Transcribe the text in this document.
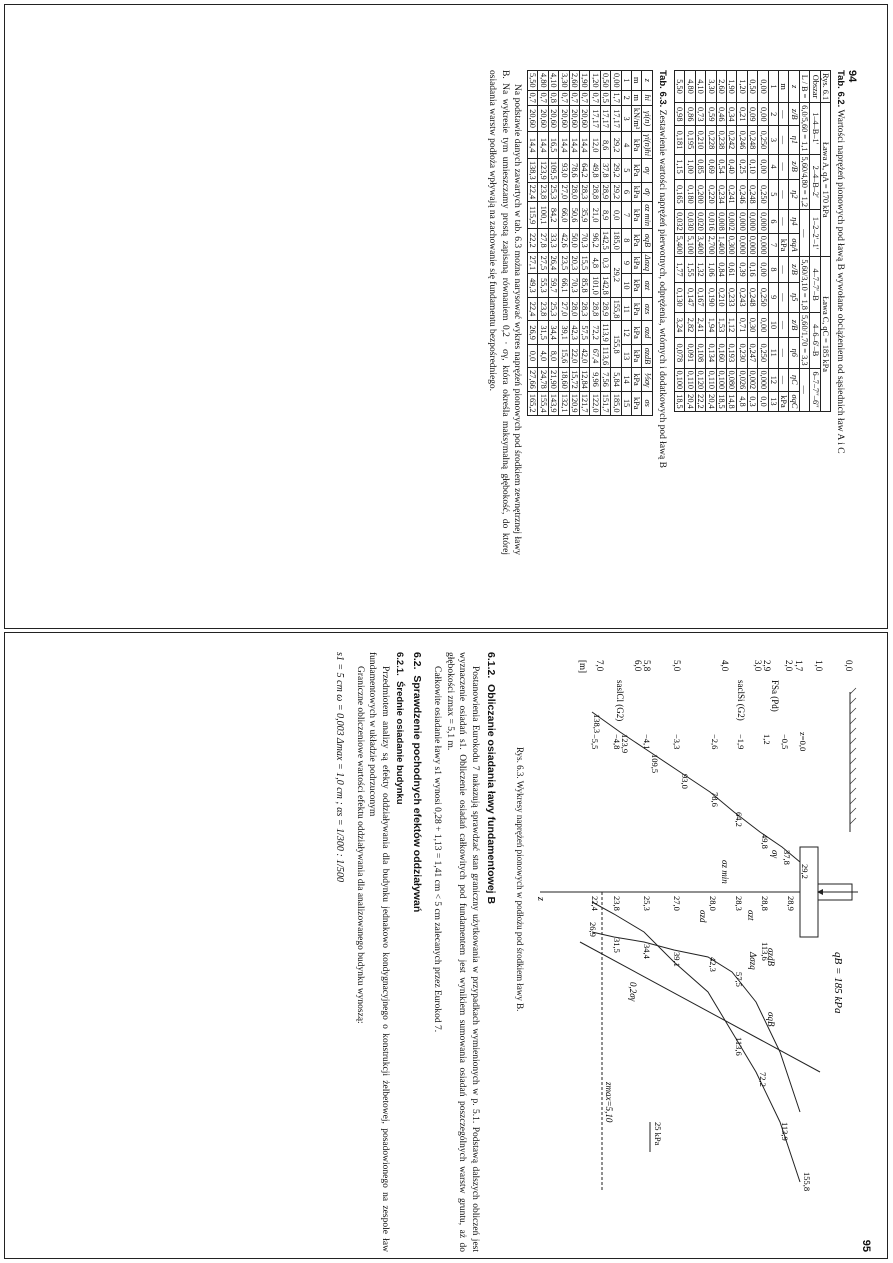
94

Tab. 6.2. Wartości naprężeń pionowych pod ławą B wywołane obciążeniem od sąsiednich ław A i C

Rys. 6.1	Ława A, qA = 170 kPa						Ława C, qC = 185 kPa					
Obszar	1–4–B–1′		2–4–B–2′		1–2–2′–1′		4–7–7′–B		4–6–6′–B		6–7–7′′–6′′	
L / B =	6,0/5,60 = 1,1		5,60/4,80 = 1,2		—		5,60/3,10 = 1,8		5,60/1,70 = 3,3		—	
z	z/B	η1	z/B	η2	η4	σqA	z/B	η5	z/B	η6	ηC	σqC
m	—	—	—	—	—	kPa	—	—	—	—	—	kPa
1	2	3	4	5	6	7	8	9	10	11	12	13
0,00	0,00	0,250	0,00	0,250	0,000	0,000	0,00	0,250	0,00	0,250	0,000	0,0
0,50	0,09	0,248	0,10	0,248	0,000	0,000	0,16	0,248	0,30	0,247	0,002	0,3
1,20	0,21	0,246	0,25	0,246	0,000	0,000	0,39	0,243	0,71	0,230	0,026	4,8
1,90	0,34	0,242	0,40	0,241	0,002	0,300	0,61	0,233	1,12	0,193	0,080	14,8
2,60	0,46	0,238	0,54	0,234	0,008	1,400	0,84	0,210	1,53	0,160	0,100	18,5
3,30	0,59	0,228	0,69	0,220	0,016	2,700	1,06	0,190	1,94	0,134	0,110	20,4
4,10	0,73	0,210	0,85	0,200	0,020	3,400	1,32	0,167	2,41	0,108	0,120	22,2
4,80	0,86	0,195	1,00	0,180	0,030	5,100	1,55	0,147	2,82	0,091	0,110	20,4
5,50	0,98	0,181	1,15	0,165	0,032	5,400	1,77	0,130	3,24	0,078	0,100	18,5

Tab. 6.3. Zestawienie wartości naprężeń pierwotnych, odprężenia, wtórnych i dodatkowych pod ławą B

z	hi	γi(n)	γi(n)hi	σγ	σ̄γ	σz min	σqB	Δσzq	σzt	σzs	σzd	σzdB	⅕σγ	σs
m	m	kN/m³	kPa	kPa	kPa	kPa	kPa	kPa	kPa	kPa	kPa	kPa	kPa	kPa
1	2	3	4	5	6	7	8	9	10	11	12	13	14	15
0,00	1,7	17,17	29,2	29,2	29,2	0,0	185,0	29,2		155,8	155,8		5,84	185,0
0,50	0,5	17,17	8,6	37,8	28,9	8,9	142,5	0,3	142,8	28,9	113,9	113,6	7,56	151,7
1,20	0,7	17,17	12,0	49,8	28,8	21,0	96,2	4,8	101,0	28,8	72,2	67,4	9,96	122,0
1,90	0,7	20,60	14,4	64,2	28,3	35,9	70,3	15,5	85,8	28,3	57,5	42,0	12,84	121,7
2,60	0,7	20,60	14,4	78,6	28,0	50,6	50,0	20,3	70,3	28,0	42,3	22,0	15,72	120,9
3,30	0,7	20,60	14,4	93,0	27,0	66,0	42,6	23,5	66,1	27,0	39,1	15,6	18,60	132,1
4,10	0,8	20,60	16,5	109,5	25,3	84,2	33,3	26,4	59,7	25,3	34,4	8,0	21,90	143,9
4,80	0,7	20,60	14,4	123,9	23,8	100,1	27,8	27,5	55,3	23,8	31,5	4,0	24,78	155,4
5,50	0,7	20,60	14,4	138,3	22,4	115,9	22,2	27,1	49,3	22,4	26,9	0,0	27,66	165,2

Na podstawie danych zawartych w tab. 6.3 można narysować wykres naprężeń pionowych pod środkiem zewnętrznej ławy B. Na wykresie tym umieszczamy prostą zapisaną równaniem 0,2 · σγ, która określa maksymalną głębokość, do której osiadania warstw podłoża wpływają na zachowanie się fundamentu bezpośredniego.

95
qB = 185 kPa
z
0,0
1,0
1,7
2,0
2,9
3,0
4,0
5,0
5,8
6,0
7,0
[m]
FSa (Pd)
saclSi (G2)
saslCl (G2)
z=0,0
1,2 −0,5
−1,9
−2,6
−3,3
−4,1
−4,8
−5,5
29,2
37,8
49,8
64,2
78,6
93,0
109,5
123,9
138,3
28,9
28,8
28,3
28,0
27,0
25,3
23,8
22,4
113,6
57,5
42,3
39,1
34,4
31,5
26,9
155,8
113,9
72,2
113,6
σγ
σqB
σzt
σz min
σzd
Δσzq σzdB
0,2σγ
zmax=5,10
25 kPa
Rys. 6.3. Wykresy naprężeń pionowych w podłożu pod środkiem ławy B.
6.1.2.  Obliczanie osiadania ławy fundamentowej B

Postanowienia Eurokodu 7 nakazują sprawdzać stan graniczny użytkowania w przypadkach wymienionych w p. 5.1. Podstawą dalszych obliczeń jest wyznaczenie osiadań s1. Obliczenie osiadań całkowitych pod fundamentem jest wynikiem sumowania osiadań poszczególnych warstw gruntu, aż do głębokości zmax = 5,1 m.

Całkowite osiadanie ławy s1 wynosi 0,28 + 1,13 = 1,41 cm < 5 cm zalecanych przez Eurokod 7.

6.2.  Sprawdzenie pochodnych efektów oddziaływań
6.2.1.  Średnie osiadanie budynku

Przedmiotem analizy są efekty oddziaływania dla budynku jednakowo kondygnacyjnego o konstrukcji żelbetowej, posadowionego na zespole ław fundamentowych w układzie podrzuconym

Graniczne obliczeniowe wartości efektu oddziaływania dla analizowanego budynku wynoszą:

s1 = 5 cm ω = 0,003 Δmax = 1,0 cm ; αs = 1/300 : 1/500
